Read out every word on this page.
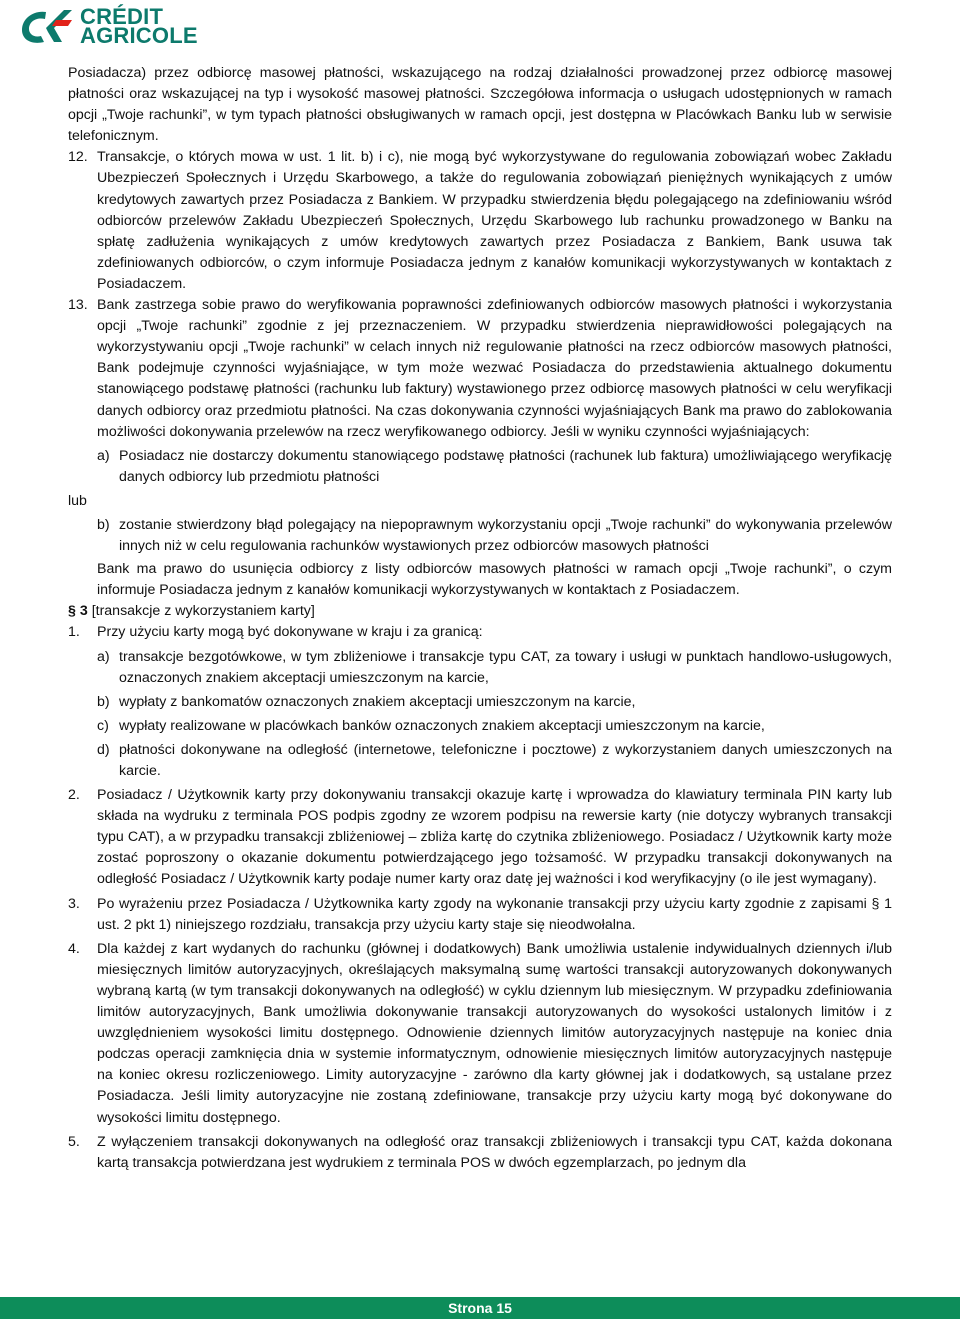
CRÉDIT
AGRICOLE

Posiadacza) przez odbiorcę masowej płatności, wskazującego na rodzaj działalności prowadzonej przez odbiorcę masowej płatności oraz wskazującej na typ i wysokość masowej płatności. Szczegółowa informacja o usługach udostępnionych w ramach opcji „Twoje rachunki”, w tym typach płatności obsługiwanych w ramach opcji, jest dostępna w Placówkach Banku lub w serwisie telefonicznym.

12. Transakcje, o których mowa w ust. 1 lit. b) i c), nie mogą być wykorzystywane do regulowania zobowiązań wobec Zakładu Ubezpieczeń Społecznych i Urzędu Skarbowego, a także do regulowania zobowiązań pieniężnych wynikających z umów kredytowych zawartych przez Posiadacza z Bankiem. W przypadku stwierdzenia błędu polegającego na zdefiniowaniu wśród odbiorców przelewów Zakładu Ubezpieczeń Społecznych, Urzędu Skarbowego lub rachunku prowadzonego w Banku na spłatę zadłużenia wynikających z umów kredytowych zawartych przez Posiadacza z Bankiem, Bank usuwa tak zdefiniowanych odbiorców, o czym informuje Posiadacza jednym z kanałów komunikacji wykorzystywanych w kontaktach z Posiadaczem.
13. Bank zastrzega sobie prawo do weryfikowania poprawności zdefiniowanych odbiorców masowych płatności i wykorzystania opcji „Twoje rachunki” zgodnie z jej przeznaczeniem. W przypadku stwierdzenia nieprawidłowości polegających na wykorzystywaniu opcji „Twoje rachunki” w celach innych niż regulowanie płatności na rzecz odbiorców masowych płatności, Bank podejmuje czynności wyjaśniające, w tym może wezwać Posiadacza do przedstawienia aktualnego dokumentu stanowiącego podstawę płatności (rachunku lub faktury) wystawionego przez odbiorcę masowych płatności w celu weryfikacji danych odbiorcy oraz przedmiotu płatności. Na czas dokonywania czynności wyjaśniających Bank ma prawo do zablokowania możliwości dokonywania przelewów na rzecz weryfikowanego odbiorcy. Jeśli w wyniku czynności wyjaśniających:

a) Posiadacz nie dostarczy dokumentu stanowiącego podstawę płatności (rachunek lub faktura) umożliwiającego weryfikację danych odbiorcy lub przedmiotu płatności

lub

b) zostanie stwierdzony błąd polegający na niepoprawnym wykorzystaniu opcji „Twoje rachunki” do wykonywania przelewów innych niż w celu regulowania rachunków wystawionych przez odbiorców masowych płatności

Bank ma prawo do usunięcia odbiorcy z listy odbiorców masowych płatności w ramach opcji „Twoje rachunki”, o czym informuje Posiadacza jednym z kanałów komunikacji wykorzystywanych w kontaktach z Posiadaczem.

§ 3 [transakcje z wykorzystaniem karty]

1.	Przy użyciu karty mogą być dokonywane w kraju i za granicą:

a) transakcje bezgotówkowe, w tym zbliżeniowe i transakcje typu CAT, za towary i usługi w punktach handlowo-usługowych, oznaczonych znakiem akceptacji umieszczonym na karcie,
b) wypłaty z bankomatów oznaczonych znakiem akceptacji umieszczonym na karcie,
c) wypłaty realizowane w placówkach banków oznaczonych znakiem akceptacji umieszczonym na karcie,
d) płatności dokonywane na odległość (internetowe, telefoniczne i pocztowe) z wykorzystaniem danych umieszczonych na karcie.
2.	Posiadacz / Użytkownik karty przy dokonywaniu transakcji okazuje kartę i wprowadza do klawiatury terminala PIN karty lub składa na wydruku z terminala POS podpis zgodny ze wzorem podpisu na rewersie karty (nie dotyczy wybranych transakcji typu CAT), a w przypadku transakcji zbliżeniowej – zbliża kartę do czytnika zbliżeniowego. Posiadacz / Użytkownik karty może zostać poproszony o okazanie dokumentu potwierdzającego jego tożsamość. W przypadku transakcji dokonywanych na odległość Posiadacz / Użytkownik karty podaje numer karty oraz datę jej ważności i kod weryfikacyjny (o ile jest wymagany).
3.	Po wyrażeniu przez Posiadacza / Użytkownika karty zgody na wykonanie transakcji przy użyciu karty zgodnie z zapisami § 1 ust. 2 pkt 1) niniejszego rozdziału, transakcja przy użyciu karty staje się nieodwołalna.
4.	Dla każdej z kart wydanych do rachunku (głównej i dodatkowych) Bank umożliwia ustalenie indywidualnych dziennych i/lub miesięcznych limitów autoryzacyjnych, określających maksymalną sumę wartości transakcji autoryzowanych dokonywanych wybraną kartą (w tym transakcji dokonywanych na odległość) w cyklu dziennym lub miesięcznym. W przypadku zdefiniowania limitów autoryzacyjnych, Bank umożliwia dokonywanie transakcji autoryzowanych do wysokości ustalonych limitów i z uwzględnieniem wysokości limitu dostępnego. Odnowienie dziennych limitów autoryzacyjnych następuje na koniec dnia podczas operacji zamknięcia dnia w systemie informatycznym, odnowienie miesięcznych limitów autoryzacyjnych następuje na koniec okresu rozliczeniowego. Limity autoryzacyjne - zarówno dla karty głównej jak i dodatkowych, są ustalane przez Posiadacza. Jeśli limity autoryzacyjne nie zostaną zdefiniowane, transakcje przy użyciu karty mogą być dokonywane do wysokości limitu dostępnego.
5.	Z wyłączeniem transakcji dokonywanych na odległość oraz transakcji zbliżeniowych i transakcji typu CAT, każda dokonana kartą transakcja potwierdzana jest wydrukiem z terminala POS w dwóch egzemplarzach, po jednym dla
Strona 15
